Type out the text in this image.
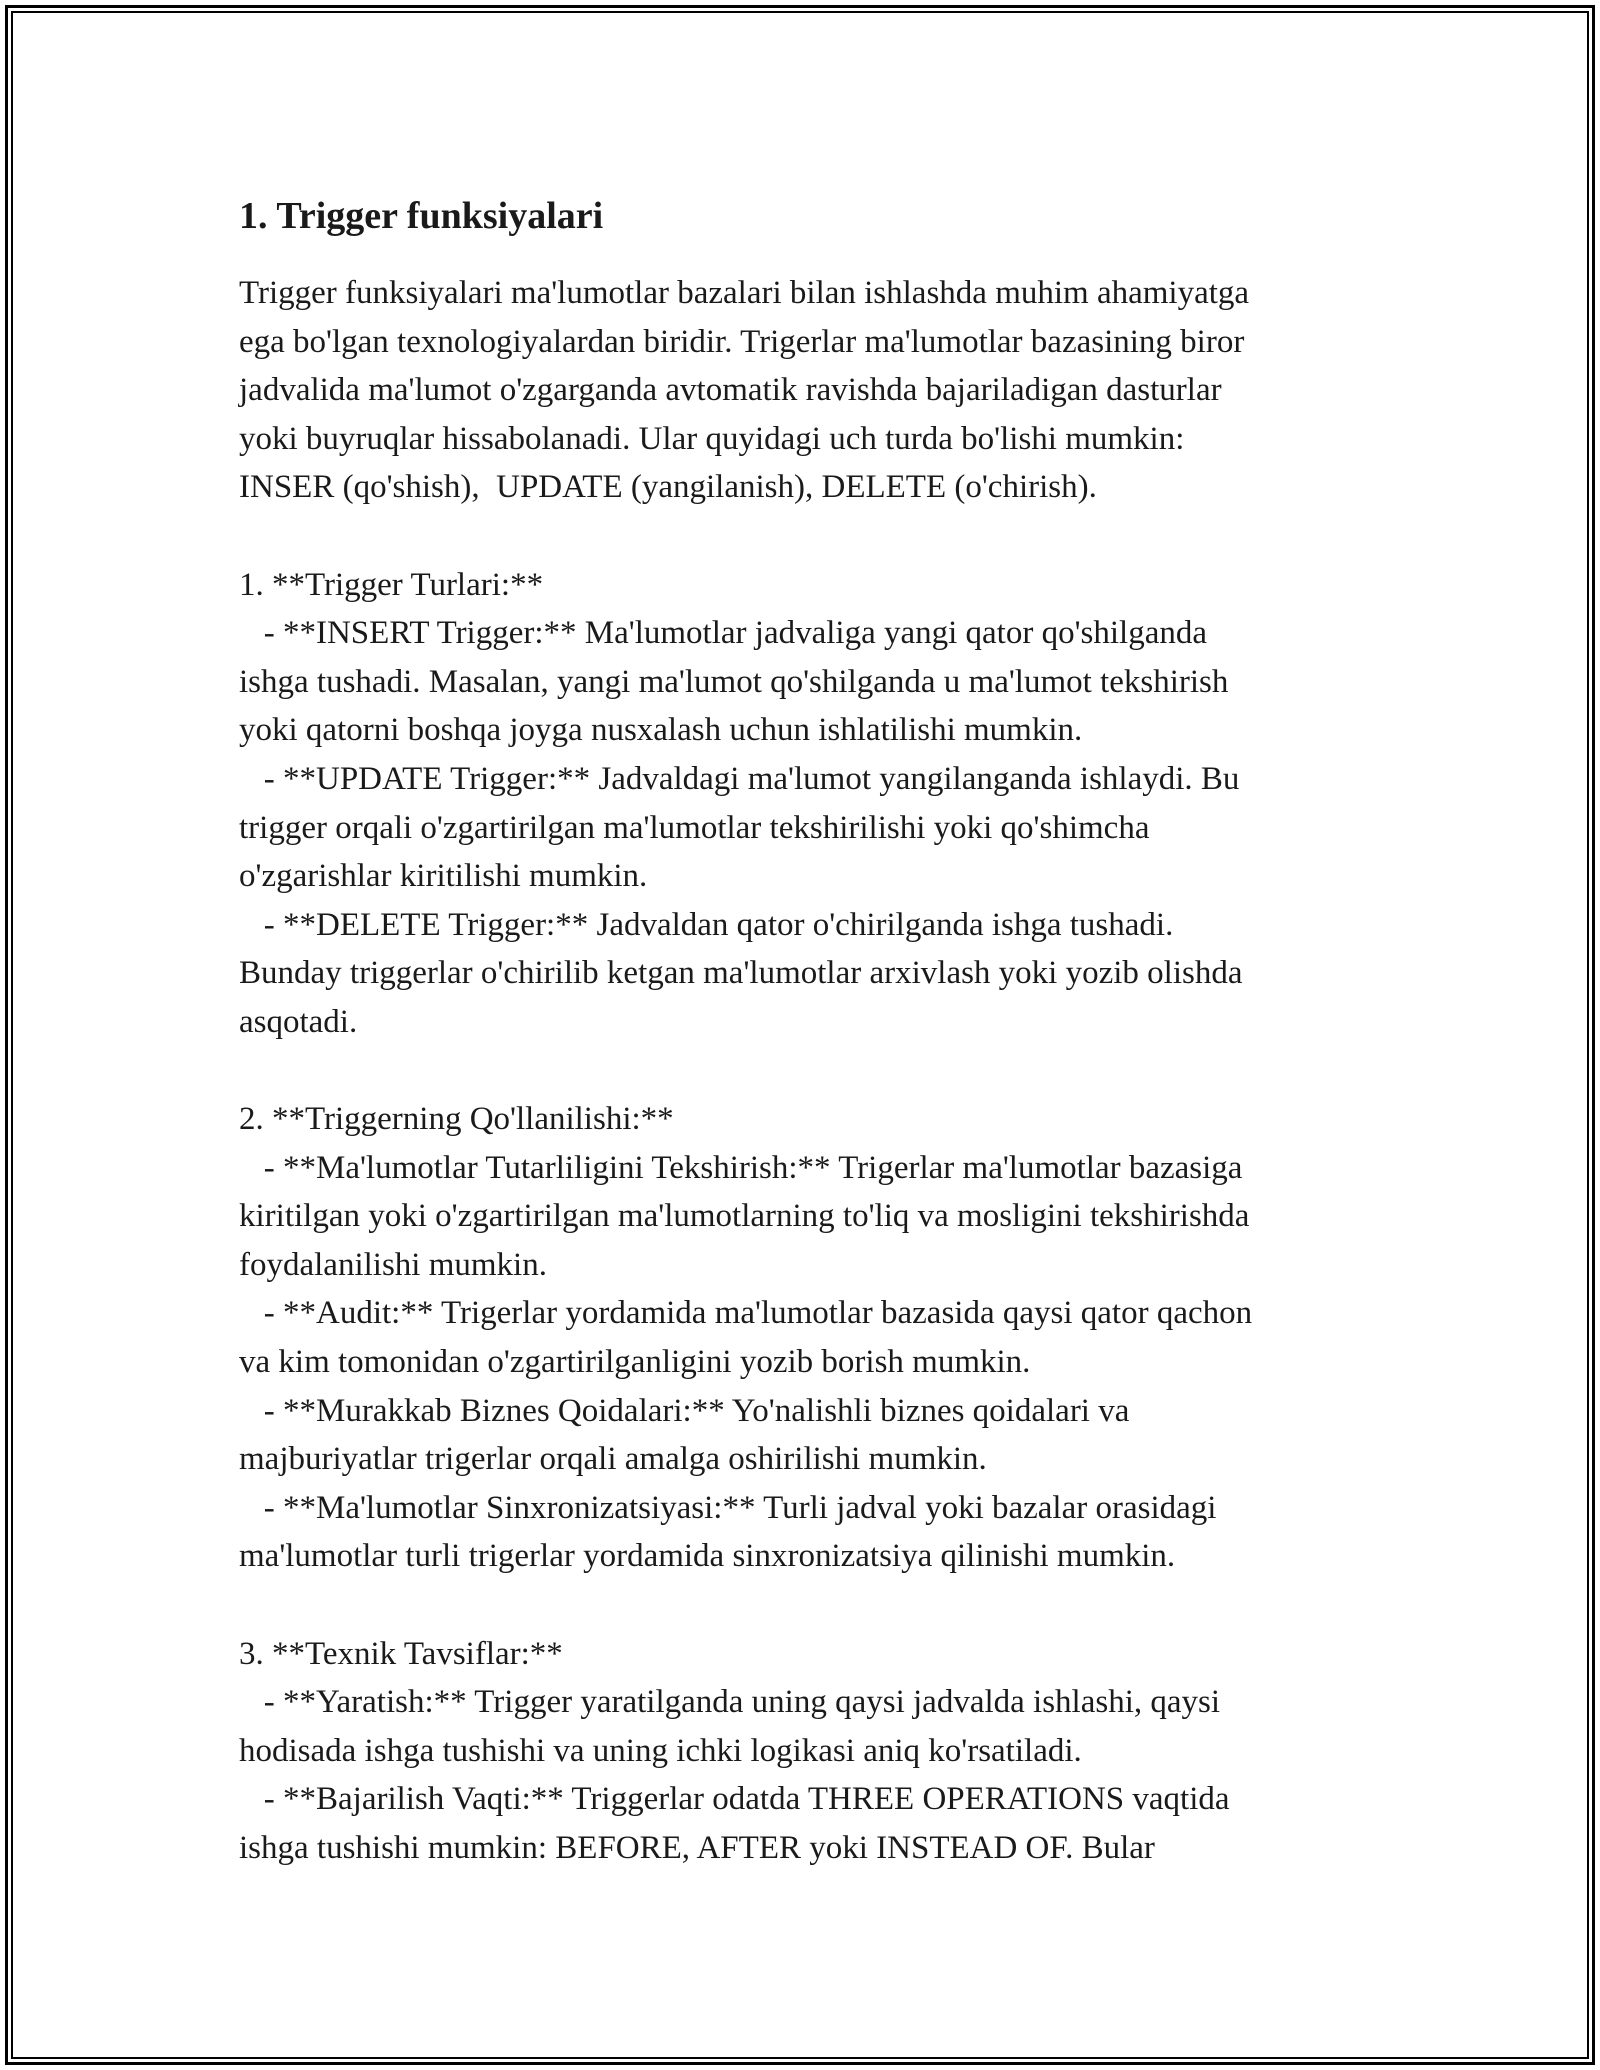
1. Trigger funksiyalari

Trigger funksiyalari ma'lumotlar bazalari bilan ishlashda muhim ahamiyatga
ega bo'lgan texnologiyalardan biridir. Trigerlar ma'lumotlar bazasining biror
jadvalida ma'lumot o'zgarganda avtomatik ravishda bajariladigan dasturlar
yoki buyruqlar hissabolanadi. Ular quyidagi uch turda bo'lishi mumkin:
INSER (qo'shish),  UPDATE (yangilanish), DELETE (o'chirish).

1. **Trigger Turlari:**
- **INSERT Trigger:** Ma'lumotlar jadvaliga yangi qator qo'shilganda
ishga tushadi. Masalan, yangi ma'lumot qo'shilganda u ma'lumot tekshirish
yoki qatorni boshqa joyga nusxalash uchun ishlatilishi mumkin.
- **UPDATE Trigger:** Jadvaldagi ma'lumot yangilanganda ishlaydi. Bu
trigger orqali o'zgartirilgan ma'lumotlar tekshirilishi yoki qo'shimcha
o'zgarishlar kiritilishi mumkin.
- **DELETE Trigger:** Jadvaldan qator o'chirilganda ishga tushadi.
Bunday triggerlar o'chirilib ketgan ma'lumotlar arxivlash yoki yozib olishda
asqotadi.

2. **Triggerning Qo'llanilishi:**
- **Ma'lumotlar Tutarliligini Tekshirish:** Trigerlar ma'lumotlar bazasiga
kiritilgan yoki o'zgartirilgan ma'lumotlarning to'liq va mosligini tekshirishda
foydalanilishi mumkin.
- **Audit:** Trigerlar yordamida ma'lumotlar bazasida qaysi qator qachon
va kim tomonidan o'zgartirilganligini yozib borish mumkin.
- **Murakkab Biznes Qoidalari:** Yo'nalishli biznes qoidalari va
majburiyatlar trigerlar orqali amalga oshirilishi mumkin.
- **Ma'lumotlar Sinxronizatsiyasi:** Turli jadval yoki bazalar orasidagi
ma'lumotlar turli trigerlar yordamida sinxronizatsiya qilinishi mumkin.

3. **Texnik Tavsiflar:**
- **Yaratish:** Trigger yaratilganda uning qaysi jadvalda ishlashi, qaysi
hodisada ishga tushishi va uning ichki logikasi aniq ko'rsatiladi.
- **Bajarilish Vaqti:** Triggerlar odatda THREE OPERATIONS vaqtida
ishga tushishi mumkin: BEFORE, AFTER yoki INSTEAD OF. Bular
